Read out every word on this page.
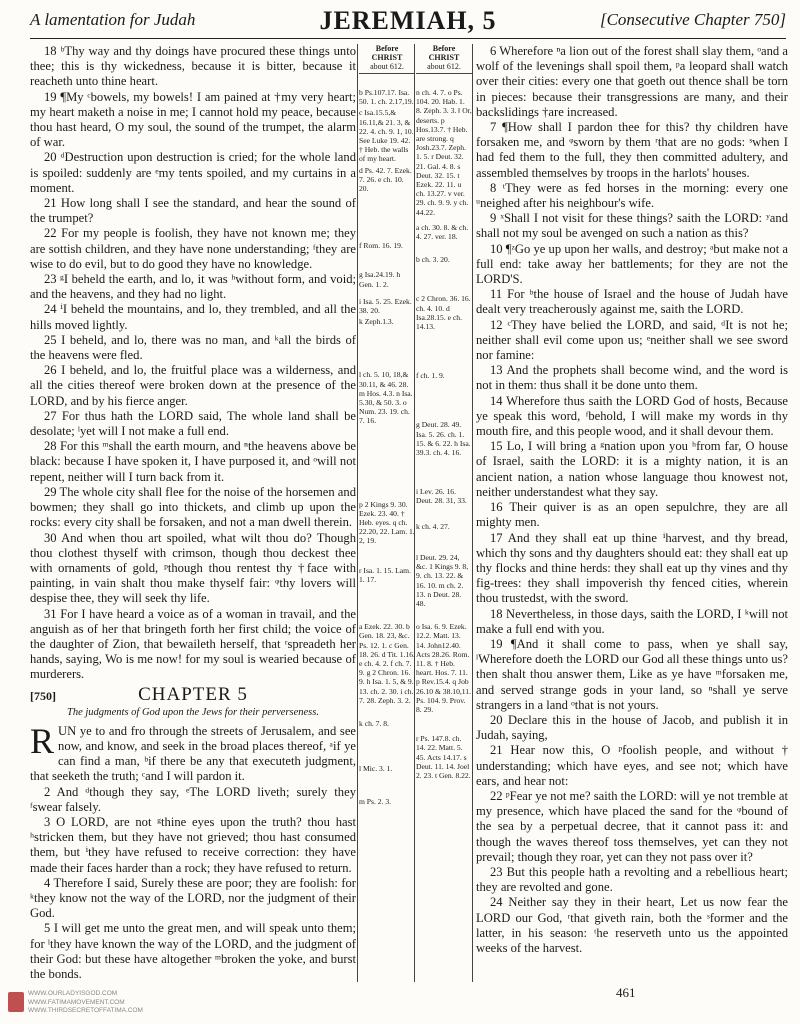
A lamentation for Judah	JEREMIAH, 5	[Consecutive Chapter 750]

18 ᵇThy way and thy doings have procured these things unto thee; this is thy wickedness, because it is bitter, because it reacheth unto thine heart.

19 ¶My ᶜbowels, my bowels! I am pained at †my very heart; my heart maketh a noise in me; I cannot hold my peace, because thou hast heard, O my soul, the sound of the trumpet, the alarm of war.

20 ᵈDestruction upon destruction is cried; for the whole land is spoiled: suddenly are ᵉmy tents spoiled, and my curtains in a moment.

21 How long shall I see the standard, and hear the sound of the trumpet?

22 For my people is foolish, they have not known me; they are sottish children, and they have none understanding; ᶠthey are wise to do evil, but to do good they have no knowledge.

23 ᵍI beheld the earth, and lo, it was ʰwithout form, and void; and the heavens, and they had no light.

24 ⁱI beheld the mountains, and lo, they trembled, and all the hills moved lightly.

25 I beheld, and lo, there was no man, and ᵏall the birds of the heavens were fled.

26 I beheld, and lo, the fruitful place was a wilderness, and all the cities thereof were broken down at the presence of the LORD, and by his fierce anger.

27 For thus hath the LORD said, The whole land shall be desolate; ˡyet will I not make a full end.

28 For this ᵐshall the earth mourn, and ⁿthe heavens above be black: because I have spoken it, I have purposed it, and ᵒwill not repent, neither will I turn back from it.

29 The whole city shall flee for the noise of the horsemen and bowmen; they shall go into thickets, and climb up upon the rocks: every city shall be forsaken, and not a man dwell therein.

30 And when thou art spoiled, what wilt thou do? Though thou clothest thyself with crimson, though thou deckest thee with ornaments of gold, ᵖthough thou rentest thy †face with painting, in vain shalt thou make thyself fair: ᵠthy lovers will despise thee, they will seek thy life.

31 For I have heard a voice as of a woman in travail, and the anguish as of her that bringeth forth her first child; the voice of the daughter of Zion, that bewaileth herself, that ʳspreadeth her hands, saying, Wo is me now! for my soul is wearied because of murderers.

[750]	CHAPTER 5
The judgments of God upon the Jews for their perverseness.

RUN ye to and fro through the streets of Jerusalem, and see now, and know, and seek in the broad places thereof, ᵃif ye can find a man, ᵇif there be any that executeth judgment, that seeketh the truth; ᶜand I will pardon it.

2 And ᵈthough they say, ᵉThe LORD liveth; surely they ᶠswear falsely.

3 O LORD, are not ᵍthine eyes upon the truth? thou hast ʰstricken them, but they have not grieved; thou hast consumed them, but ⁱthey have refused to receive correction: they have made their faces harder than a rock; they have refused to return.

4 Therefore I said, Surely these are poor; they are foolish: for ᵏthey know not the way of the LORD, nor the judgment of their God.

5 I will get me unto the great men, and will speak unto them; for ˡthey have known the way of the LORD, and the judgment of their God: but these have altogether ᵐbroken the yoke, and burst the bonds.

Before
CHRIST
about 612.
b Ps.107.17. Isa. 50. 1. ch. 2.17,19.
c Isa.15.5,& 16.11,& 21. 3, & 22. 4. ch. 9. 1, 10. See Luke 19. 42. † Heb. the walls of my heart.
d Ps. 42. 7. Ezek. 7. 26. e ch. 10. 20.
f Rom. 16. 19.
g Isa.24.19. h Gen. 1. 2.
i Isa. 5. 25. Ezek. 38. 20.
k Zeph.1.3.
l ch. 5. 10, 18,& 30.11, & 46. 28. m Hos. 4.3. n Isa. 5.30, & 50. 3. o Num. 23. 19. ch. 7. 16.
p 2 Kings 9. 30. Ezek. 23. 40. † Heb. eyes. q ch. 22.20, 22. Lam. 1. 2, 19.
r Isa. 1. 15. Lam. 1. 17.
a Ezek. 22. 30. b Gen. 18. 23, &c. Ps. 12. 1. c Gen. 18. 26. d Tit. 1.16. e ch. 4. 2. f ch. 7. 9. g 2 Chron. 16. 9. h Isa. 1. 5, & 9. 13. ch. 2. 30. i ch. 7. 28. Zeph. 3. 2.
k ch. 7. 8.
l Mic. 3. 1.
m Ps. 2. 3.
Before
CHRIST
about 612.
n ch. 4. 7. o Ps. 104. 20. Hab. 1. 8. Zeph. 3. 3. ‖ Or, deserts. p Hos.13.7. † Heb. are strong. q Josh.23.7. Zeph. 1. 5. r Deut. 32. 21. Gal. 4. 8. s Deut. 32. 15. t Ezek. 22. 11. u ch. 13.27. v ver. 29. ch. 9. 9. y ch. 44.22.
a ch. 30. 8. & ch. 4. 27. ver. 18.
b ch. 3. 20.
c 2 Chron. 36. 16. ch. 4. 10. d Isa.28.15. e ch. 14.13.
f ch. 1. 9.
g Deut. 28. 49. Isa. 5. 26. ch. 1. 15. & 6. 22. h Isa. 39.3. ch. 4. 16.
i Lev. 26. 16. Deut. 28. 31, 33.
k ch. 4. 27.
l Deut. 29. 24, &c. 1 Kings 9. 8, 9. ch. 13. 22. & 16. 10. m ch. 2. 13. n Deut. 28. 48.
o Isa. 6. 9. Ezek. 12.2. Matt. 13. 14. John12.40. Acts 28.26. Rom. 11. 8. † Heb. heart. Hos. 7. 11. p Rev.15.4. q Job 26.10 & 38.10,11. Ps. 104. 9. Prov. 8. 29.
r Ps. 147.8. ch. 14. 22. Matt. 5. 45. Acts 14.17. s Deut. 11. 14. Joel 2. 23. t Gen. 8.22.

6 Wherefore ⁿa lion out of the forest shall slay them, ᵒand a wolf of the ‖evenings shall spoil them, ᵖa leopard shall watch over their cities: every one that goeth out thence shall be torn in pieces: because their transgressions are many, and their backslidings †are increased.

7 ¶How shall I pardon thee for this? thy children have forsaken me, and ᵠsworn by them ʳthat are no gods: ˢwhen I had fed them to the full, they then committed adultery, and assembled themselves by troops in the harlots' houses.

8 ᵗThey were as fed horses in the morning: every one ᵘneighed after his neighbour's wife.

9 ˣShall I not visit for these things? saith the LORD: ʸand shall not my soul be avenged on such a nation as this?

10 ¶ᶻGo ye up upon her walls, and destroy; ᵃbut make not a full end: take away her battlements; for they are not the LORD'S.

11 For ᵇthe house of Israel and the house of Judah have dealt very treacherously against me, saith the LORD.

12 ᶜThey have belied the LORD, and said, ᵈIt is not he; neither shall evil come upon us; ᵉneither shall we see sword nor famine:

13 And the prophets shall become wind, and the word is not in them: thus shall it be done unto them.

14 Wherefore thus saith the LORD God of hosts, Because ye speak this word, ᶠbehold, I will make my words in thy mouth fire, and this people wood, and it shall devour them.

15 Lo, I will bring a ᵍnation upon you ʰfrom far, O house of Israel, saith the LORD: it is a mighty nation, it is an ancient nation, a nation whose language thou knowest not, neither understandest what they say.

16 Their quiver is as an open sepulchre, they are all mighty men.

17 And they shall eat up thine ⁱharvest, and thy bread, which thy sons and thy daughters should eat: they shall eat up thy flocks and thine herds: they shall eat up thy vines and thy fig-trees: they shall impoverish thy fenced cities, wherein thou trustedst, with the sword.

18 Nevertheless, in those days, saith the LORD, I ᵏwill not make a full end with you.

19 ¶And it shall come to pass, when ye shall say, ˡWherefore doeth the LORD our God all these things unto us? then shalt thou answer them, Like as ye have ᵐforsaken me, and served strange gods in your land, so ⁿshall ye serve strangers in a land ᵒthat is not yours.

20 Declare this in the house of Jacob, and publish it in Judah, saying,

21 Hear now this, O ᵖfoolish people, and without † understanding; which have eyes, and see not; which have ears, and hear not:

22 ᵖFear ye not me? saith the LORD: will ye not tremble at my presence, which have placed the sand for the ᵠbound of the sea by a perpetual decree, that it cannot pass it: and though the waves thereof toss themselves, yet can they not prevail; though they roar, yet can they not pass over it?

23 But this people hath a revolting and a rebellious heart; they are revolted and gone.

24 Neither say they in their heart, Let us now fear the LORD our God, ʳthat giveth rain, both the ˢformer and the latter, in his season: ᵗhe reserveth unto us the appointed weeks of the harvest.

WWW.OURLADYISGOD.COM
WWW.FATIMAMOVEMENT.COM
WWW.THIRDSECRETOFFATIMA.COM
461
